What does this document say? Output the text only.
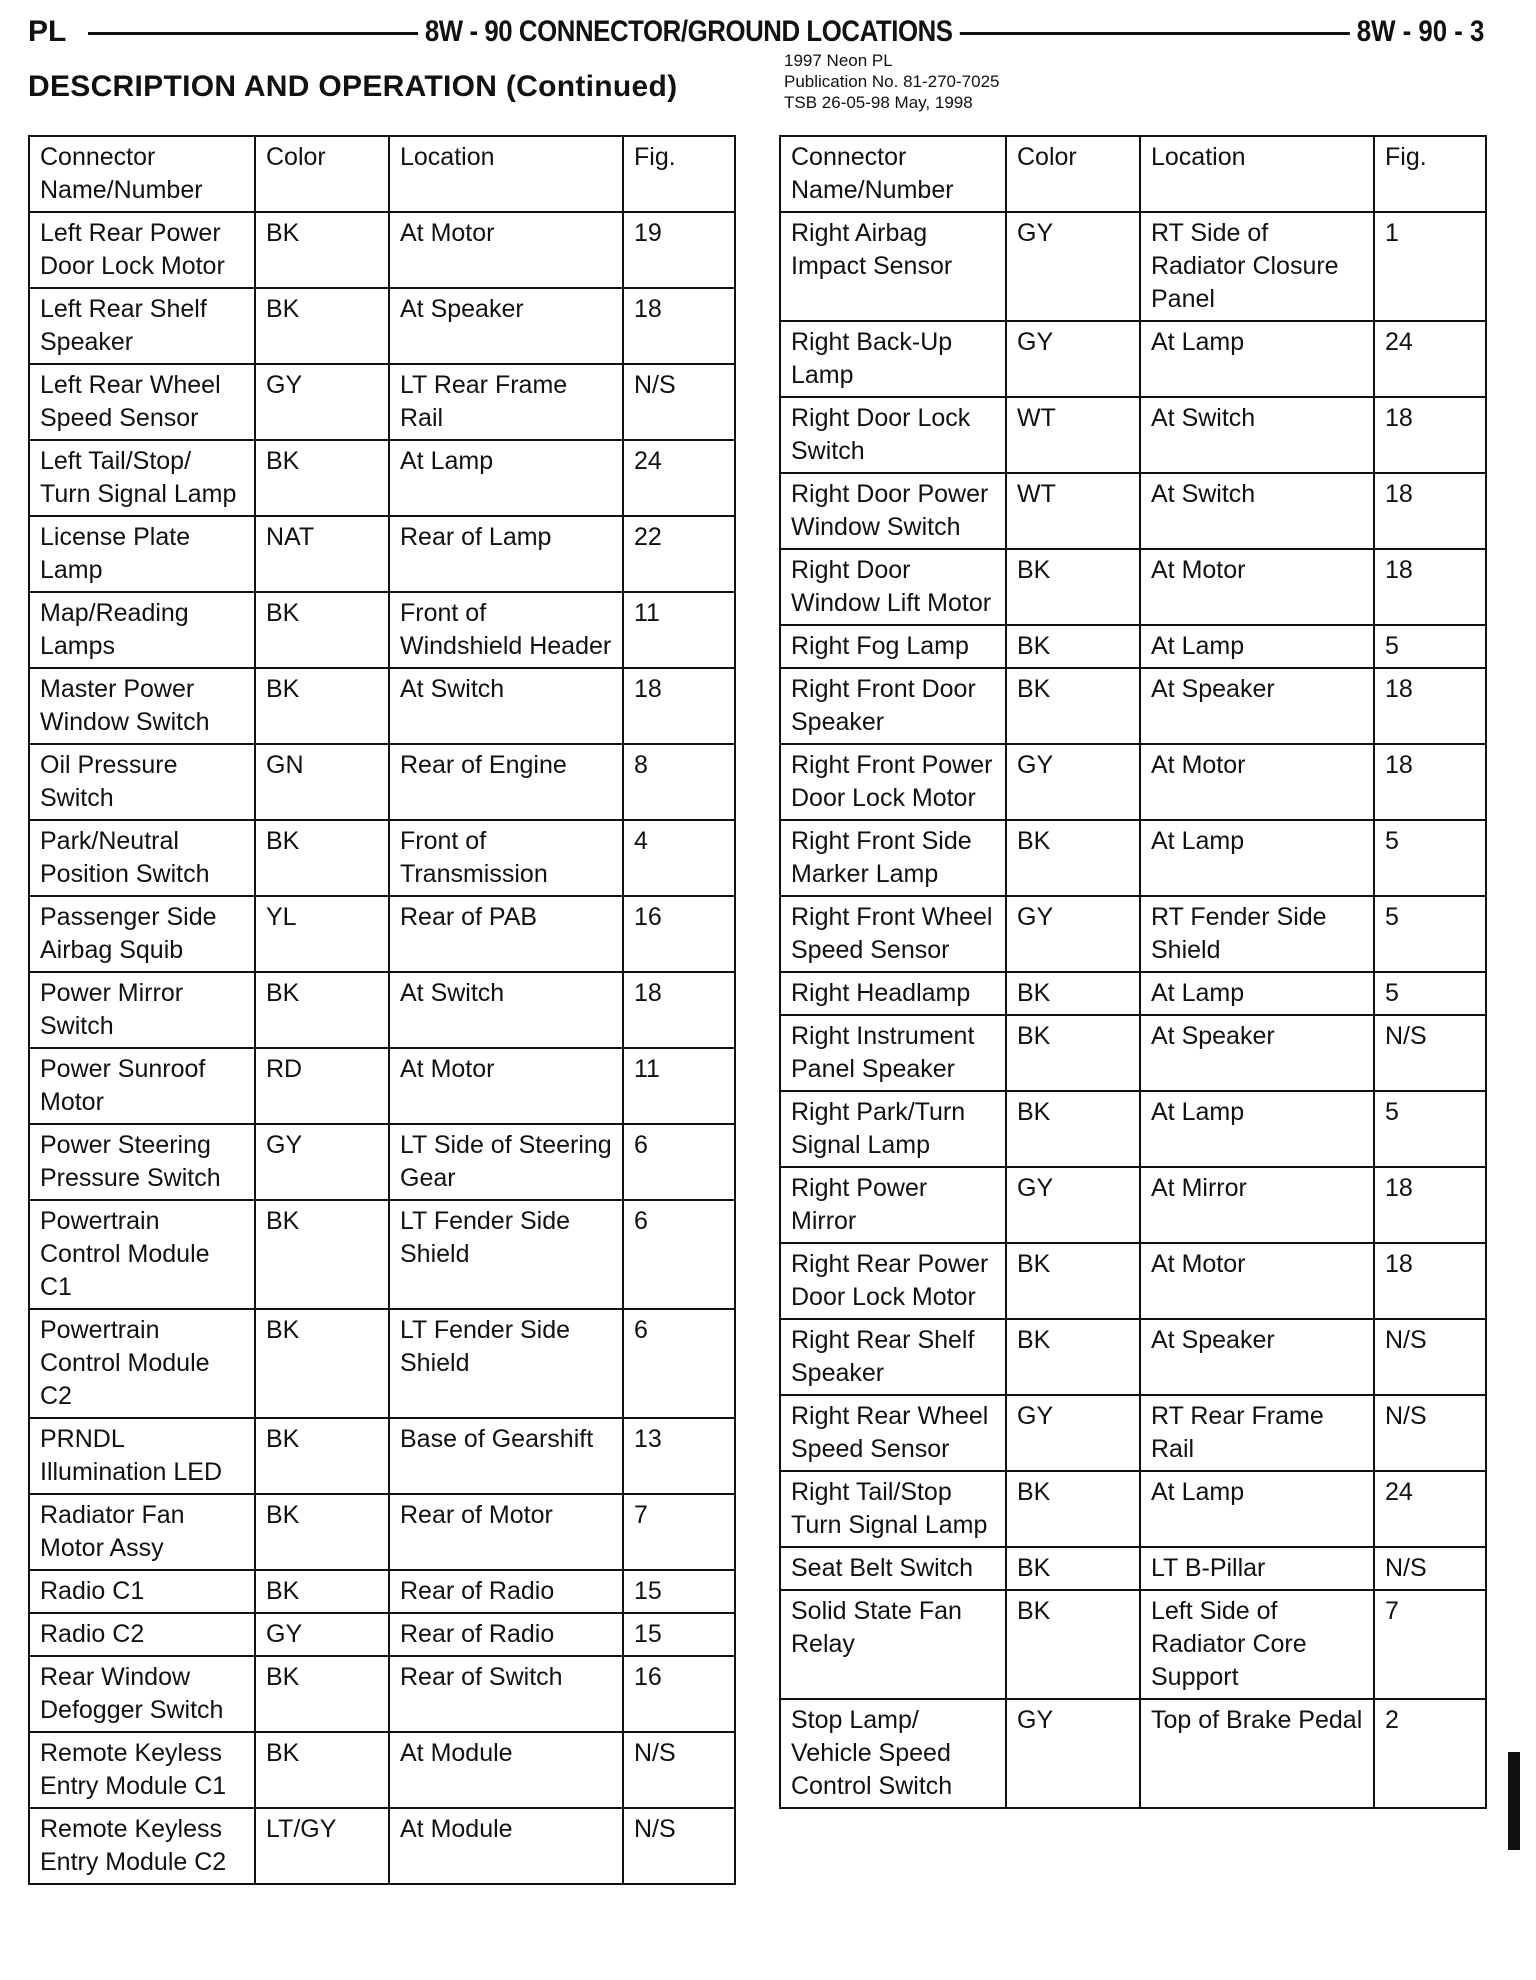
PL	8W - 90 CONNECTOR/GROUND LOCATIONS	8W - 90 - 3
DESCRIPTION AND OPERATION (Continued)
1997 Neon PL
Publication No. 81-270-7025
TSB 26-05-98 May, 1998
Connector Name/Number	Color	Location	Fig.
Left Rear Power Door Lock Motor	BK	At Motor	19
Left Rear Shelf Speaker	BK	At Speaker	18
Left Rear Wheel Speed Sensor	GY	LT Rear Frame Rail	N/S
Left Tail/Stop/ Turn Signal Lamp	BK	At Lamp	24
License Plate Lamp	NAT	Rear of Lamp	22
Map/Reading Lamps	BK	Front of Windshield Header	11
Master Power Window Switch	BK	At Switch	18
Oil Pressure Switch	GN	Rear of Engine	8
Park/Neutral Position Switch	BK	Front of Transmission	4
Passenger Side Airbag Squib	YL	Rear of PAB	16
Power Mirror Switch	BK	At Switch	18
Power Sunroof Motor	RD	At Motor	11
Power Steering Pressure Switch	GY	LT Side of Steering Gear	6
Powertrain Control Module C1	BK	LT Fender Side Shield	6
Powertrain Control Module C2	BK	LT Fender Side Shield	6
PRNDL Illumination LED	BK	Base of Gearshift	13
Radiator Fan Motor Assy	BK	Rear of Motor	7
Radio C1	BK	Rear of Radio	15
Radio C2	GY	Rear of Radio	15
Rear Window Defogger Switch	BK	Rear of Switch	16
Remote Keyless Entry Module C1	BK	At Module	N/S
Remote Keyless Entry Module C2	LT/GY	At Module	N/S
Connector Name/Number	Color	Location	Fig.
Right Airbag Impact Sensor	GY	RT Side of Radiator Closure Panel	1
Right Back-Up Lamp	GY	At Lamp	24
Right Door Lock Switch	WT	At Switch	18
Right Door Power Window Switch	WT	At Switch	18
Right Door Window Lift Motor	BK	At Motor	18
Right Fog Lamp	BK	At Lamp	5
Right Front Door Speaker	BK	At Speaker	18
Right Front Power Door Lock Motor	GY	At Motor	18
Right Front Side Marker Lamp	BK	At Lamp	5
Right Front Wheel Speed Sensor	GY	RT Fender Side Shield	5
Right Headlamp	BK	At Lamp	5
Right Instrument Panel Speaker	BK	At Speaker	N/S
Right Park/Turn Signal Lamp	BK	At Lamp	5
Right Power Mirror	GY	At Mirror	18
Right Rear Power Door Lock Motor	BK	At Motor	18
Right Rear Shelf Speaker	BK	At Speaker	N/S
Right Rear Wheel Speed Sensor	GY	RT Rear Frame Rail	N/S
Right Tail/Stop Turn Signal Lamp	BK	At Lamp	24
Seat Belt Switch	BK	LT B-Pillar	N/S
Solid State Fan Relay	BK	Left Side of Radiator Core Support	7
Stop Lamp/ Vehicle Speed Control Switch	GY	Top of Brake Pedal	2
